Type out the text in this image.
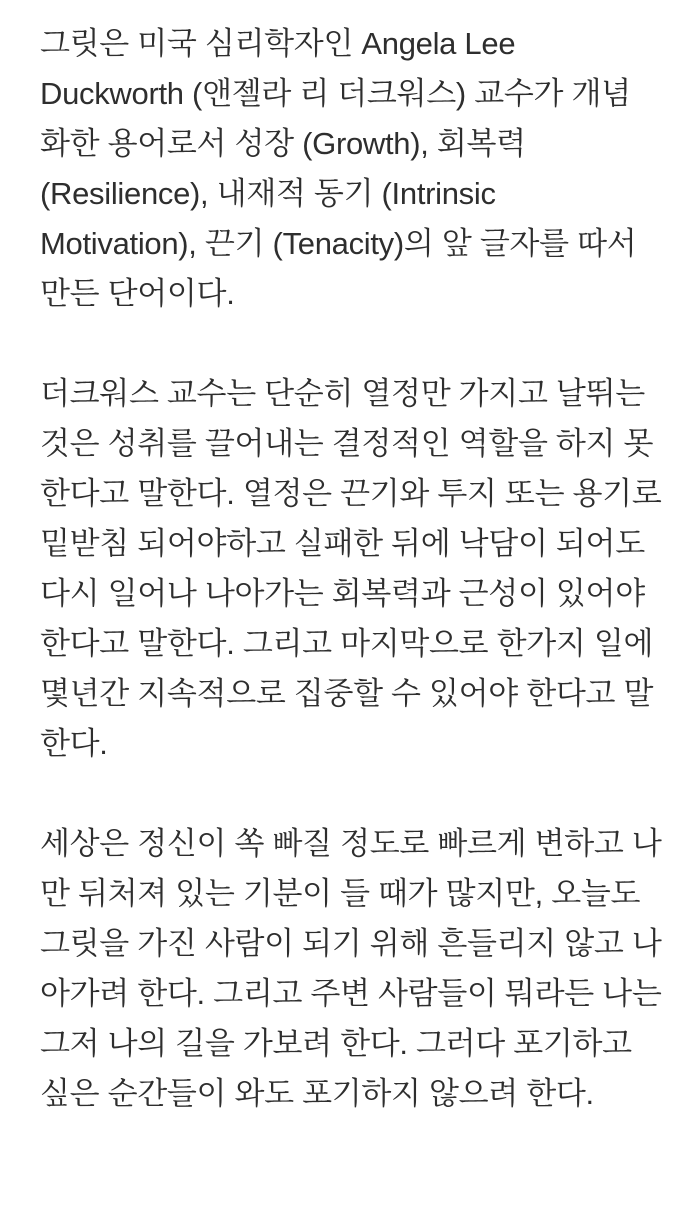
그릿은 미국 심리학자인 Angela Lee
Duckworth (앤젤라 리 더크워스) 교수가 개념
화한 용어로서 성장 (Growth), 회복력
(Resilience), 내재적 동기 (Intrinsic
Motivation), 끈기 (Tenacity)의 앞 글자를 따서
만든 단어이다.
더크워스 교수는 단순히 열정만 가지고 날뛰는
것은 성취를 끌어내는 결정적인 역할을 하지 못
한다고 말한다. 열정은 끈기와 투지 또는 용기로
밑받침 되어야하고 실패한 뒤에 낙담이 되어도
다시 일어나 나아가는 회복력과 근성이 있어야
한다고 말한다. 그리고 마지막으로 한가지 일에
몇년간 지속적으로 집중할 수 있어야 한다고 말
한다.
세상은 정신이 쏙 빠질 정도로 빠르게 변하고 나
만 뒤처져 있는 기분이 들 때가 많지만, 오늘도
그릿을 가진 사람이 되기 위해 흔들리지 않고 나
아가려 한다. 그리고 주변 사람들이 뭐라든 나는
그저 나의 길을 가보려 한다. 그러다 포기하고
싶은 순간들이 와도 포기하지 않으려 한다.
